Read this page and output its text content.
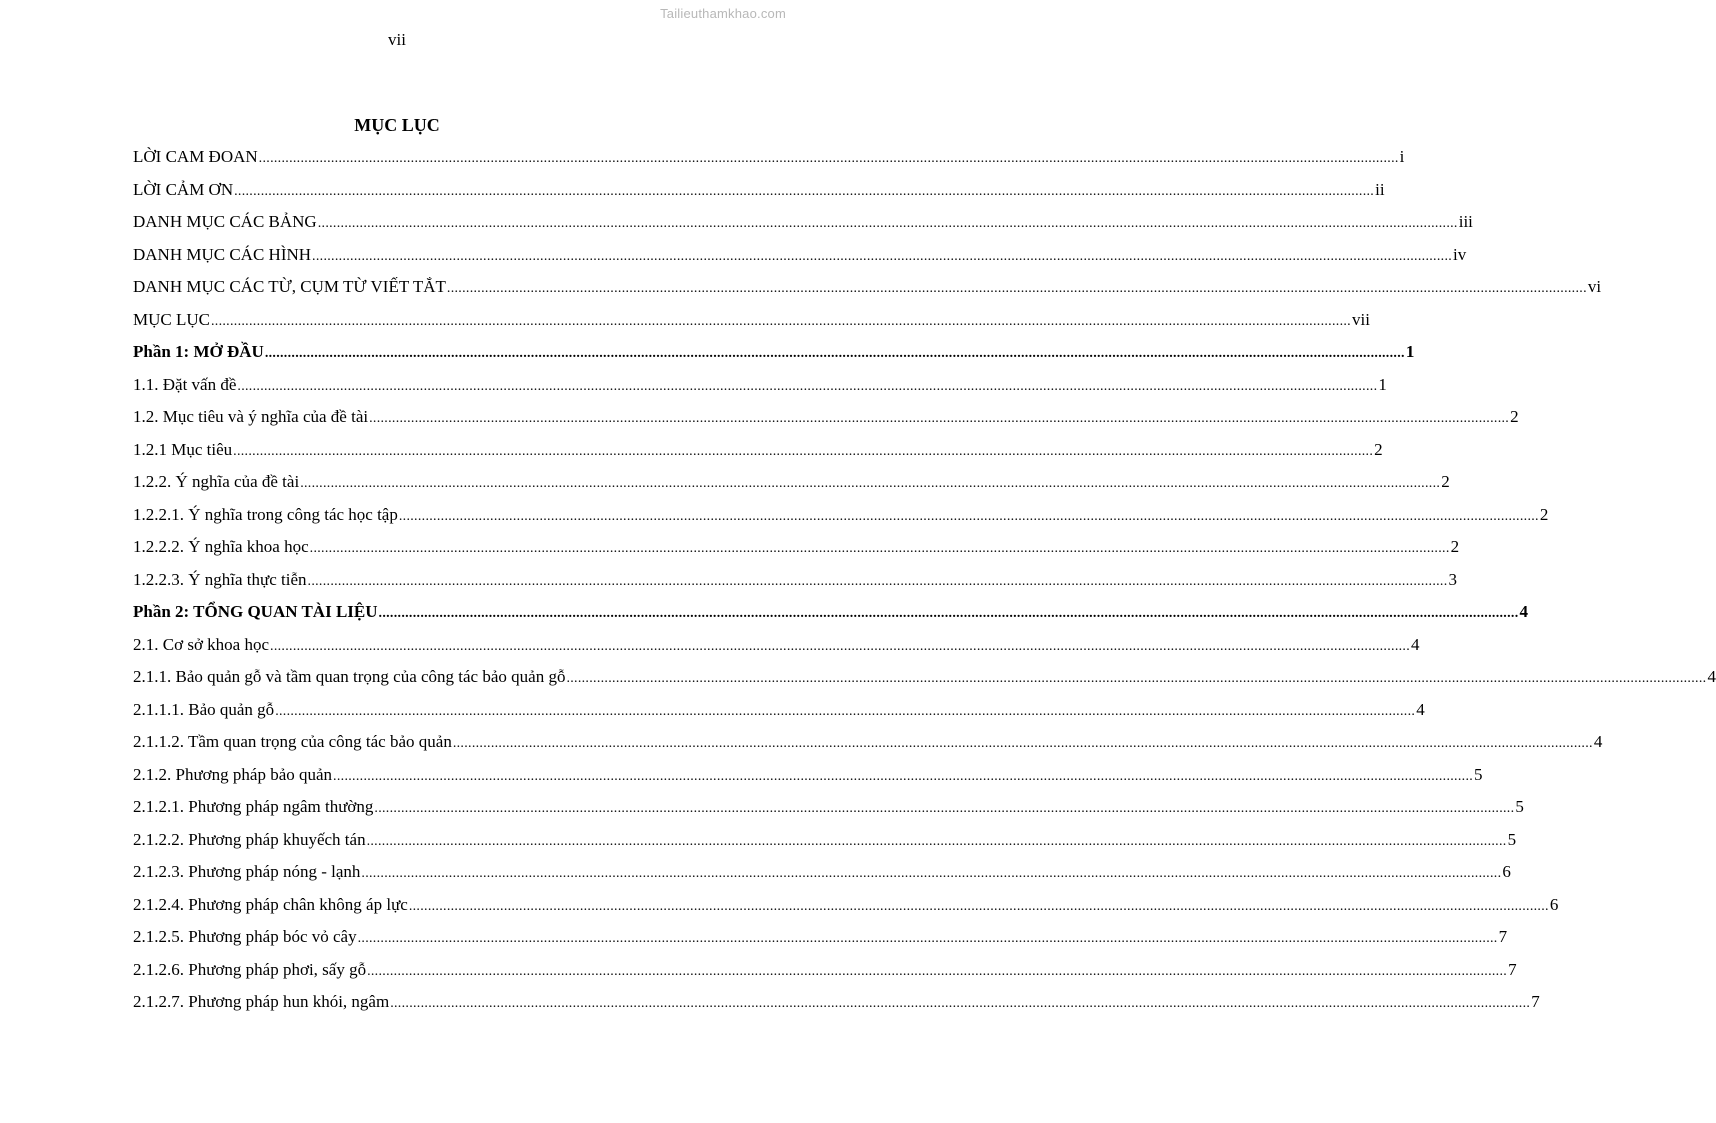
Tailieuthamkhao.com
vii
MỤC LỤC
LỜI CAM ĐOAN ............................................................................................................................................................................................................................................................................................................ i
LỜI CẢM ƠN ............................................................................................................................................................................................................................................................................................................ ii
DANH MỤC CÁC BẢNG ............................................................................................................................................................................................................................................................................................................ iii
DANH MỤC CÁC HÌNH ............................................................................................................................................................................................................................................................................................................ iv
DANH MỤC CÁC TỪ, CỤM TỪ VIẾT TẮT ............................................................................................................................................................................................................................................................................................................ vi
MỤC LỤC ............................................................................................................................................................................................................................................................................................................ vii
Phần 1: MỞ ĐẦU ............................................................................................................................................................................................................................................................................................................ 1
1.1. Đặt vấn đề ............................................................................................................................................................................................................................................................................................................ 1
1.2. Mục tiêu và ý nghĩa của đề tài ............................................................................................................................................................................................................................................................................................................ 2
1.2.1 Mục tiêu ............................................................................................................................................................................................................................................................................................................ 2
1.2.2. Ý nghĩa của đề tài ............................................................................................................................................................................................................................................................................................................ 2
1.2.2.1. Ý nghĩa trong công tác học tập ............................................................................................................................................................................................................................................................................................................ 2
1.2.2.2. Ý nghĩa khoa học ............................................................................................................................................................................................................................................................................................................ 2
1.2.2.3. Ý nghĩa thực tiễn ............................................................................................................................................................................................................................................................................................................ 3
Phần 2: TỔNG QUAN TÀI LIỆU ............................................................................................................................................................................................................................................................................................................ 4
2.1. Cơ sở khoa học ............................................................................................................................................................................................................................................................................................................ 4
2.1.1. Bảo quản gỗ và tầm quan trọng của công tác bảo quản gỗ ............................................................................................................................................................................................................................................................................................................ 4
2.1.1.1. Bảo quản gỗ ............................................................................................................................................................................................................................................................................................................ 4
2.1.1.2. Tầm quan trọng của công tác bảo quản ............................................................................................................................................................................................................................................................................................................ 4
2.1.2. Phương pháp bảo quản ............................................................................................................................................................................................................................................................................................................ 5
2.1.2.1. Phương pháp ngâm thường ............................................................................................................................................................................................................................................................................................................ 5
2.1.2.2. Phương pháp khuyếch tán ............................................................................................................................................................................................................................................................................................................ 5
2.1.2.3. Phương pháp nóng - lạnh ............................................................................................................................................................................................................................................................................................................ 6
2.1.2.4. Phương pháp chân không áp lực ............................................................................................................................................................................................................................................................................................................ 6
2.1.2.5. Phương pháp bóc vỏ cây ............................................................................................................................................................................................................................................................................................................ 7
2.1.2.6. Phương pháp phơi, sấy gỗ ............................................................................................................................................................................................................................................................................................................ 7
2.1.2.7. Phương pháp hun khói, ngâm ............................................................................................................................................................................................................................................................................................................ 7
